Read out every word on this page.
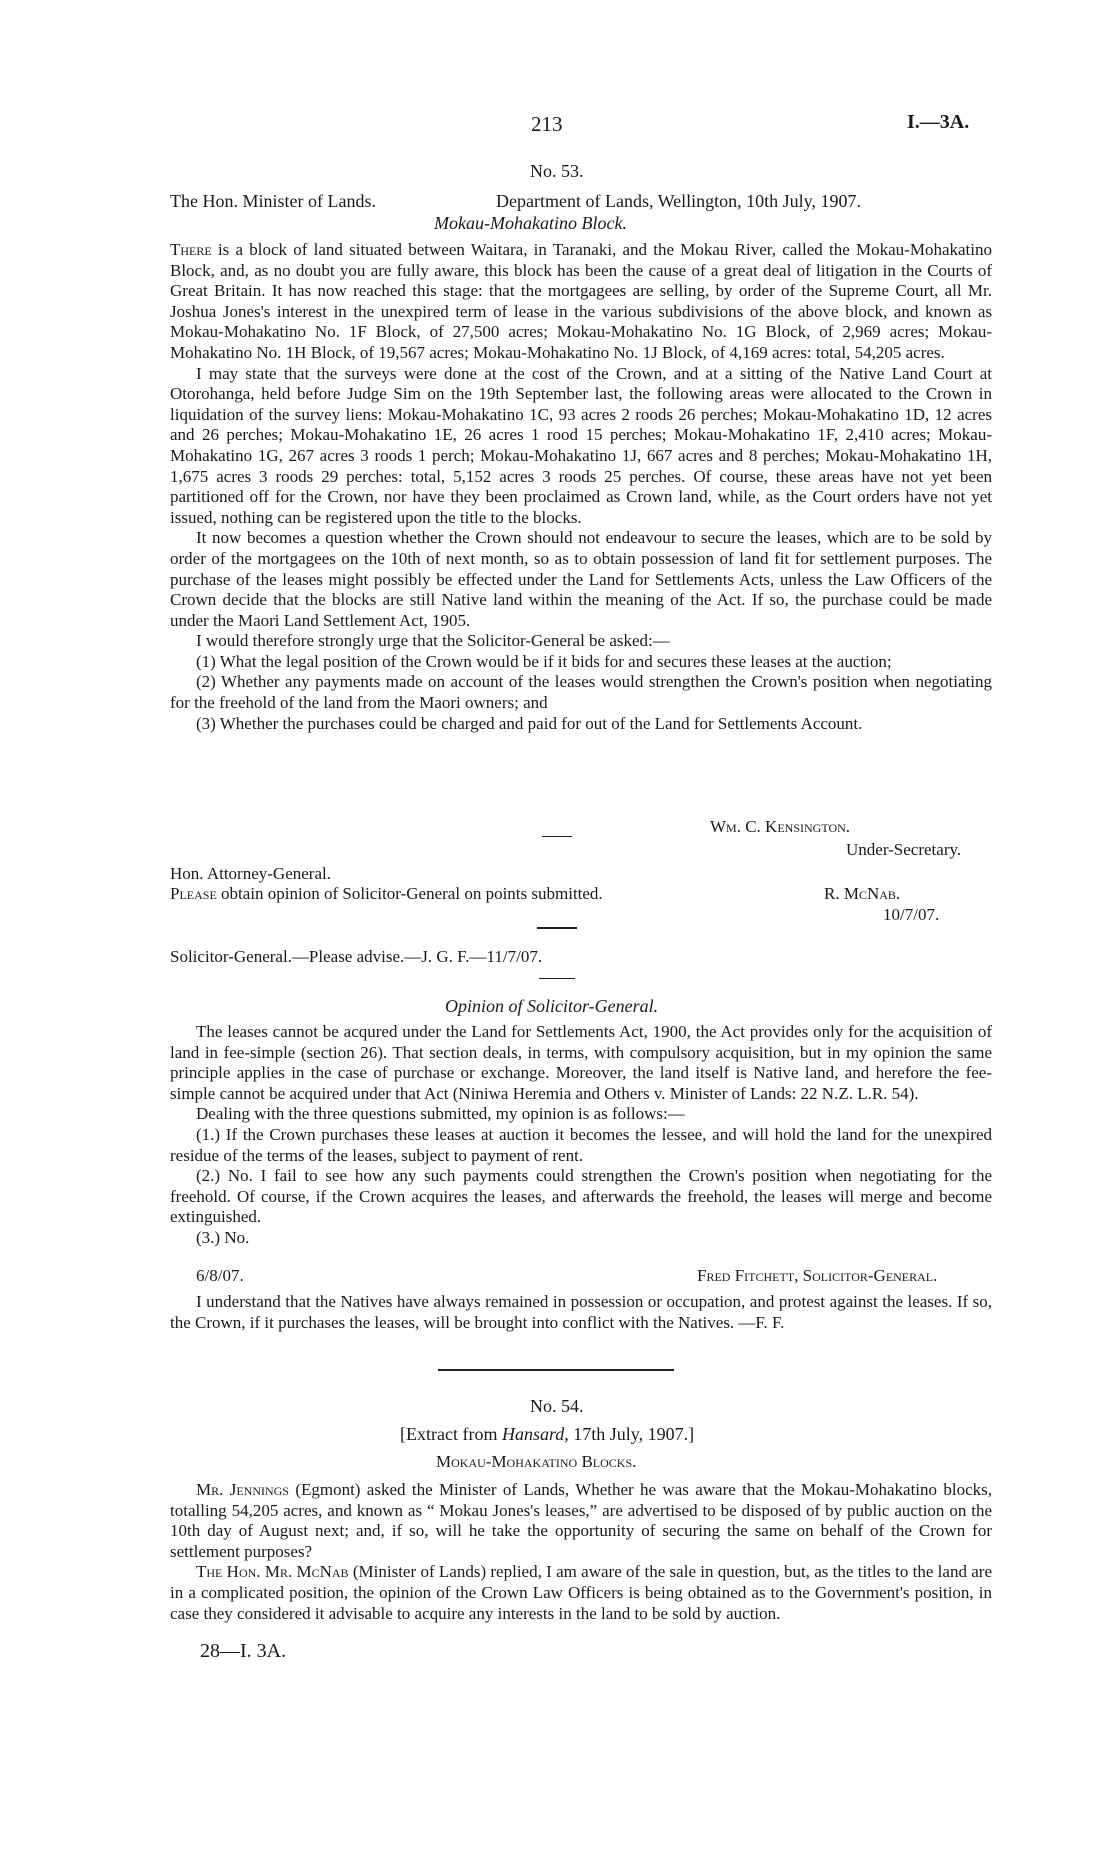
213	I.—3A.
No. 53.
The Hon. Minister of Lands.	Department of Lands, Wellington, 10th July, 1907.
Mokau-Mohakatino Block.

There is a block of land situated between Waitara, in Taranaki, and the Mokau River, called the Mokau-Mohakatino Block, and, as no doubt you are fully aware, this block has been the cause of a great deal of litigation in the Courts of Great Britain. It has now reached this stage: that the mortgagees are selling, by order of the Supreme Court, all Mr. Joshua Jones's interest in the unexpired term of lease in the various subdivisions of the above block, and known as Mokau-Mohakatino No. 1F Block, of 27,500 acres; Mokau-Mohakatino No. 1G Block, of 2,969 acres; Mokau-Mohakatino No. 1H Block, of 19,567 acres; Mokau-Mohakatino No. 1J Block, of 4,169 acres: total, 54,205 acres.

I may state that the surveys were done at the cost of the Crown, and at a sitting of the Native Land Court at Otorohanga, held before Judge Sim on the 19th September last, the following areas were allocated to the Crown in liquidation of the survey liens: Mokau-Mohakatino 1C, 93 acres 2 roods 26 perches; Mokau-Mohakatino 1D, 12 acres and 26 perches; Mokau-Mohakatino 1E, 26 acres 1 rood 15 perches; Mokau-Mohakatino 1F, 2,410 acres; Mokau-Mohakatino 1G, 267 acres 3 roods 1 perch; Mokau-Mohakatino 1J, 667 acres and 8 perches; Mokau-Mohakatino 1H, 1,675 acres 3 roods 29 perches: total, 5,152 acres 3 roods 25 perches. Of course, these areas have not yet been partitioned off for the Crown, nor have they been proclaimed as Crown land, while, as the Court orders have not yet issued, nothing can be registered upon the title to the blocks.

It now becomes a question whether the Crown should not endeavour to secure the leases, which are to be sold by order of the mortgagees on the 10th of next month, so as to obtain possession of land fit for settlement purposes. The purchase of the leases might possibly be effected under the Land for Settlements Acts, unless the Law Officers of the Crown decide that the blocks are still Native land within the meaning of the Act. If so, the purchase could be made under the Maori Land Settlement Act, 1905.

I would therefore strongly urge that the Solicitor-General be asked:—

(1) What the legal position of the Crown would be if it bids for and secures these leases at the auction;

(2) Whether any payments made on account of the leases would strengthen the Crown's position when negotiating for the freehold of the land from the Maori owners; and

(3) Whether the purchases could be charged and paid for out of the Land for Settlements Account.

Wm. C. Kensington.
Under-Secretary.
Hon. Attorney-General.
Please obtain opinion of Solicitor-General on points submitted.	R. McNab.
10/7/07.
Solicitor-General.—Please advise.—J. G. F.—11/7/07.
Opinion of Solicitor-General.

The leases cannot be acqured under the Land for Settlements Act, 1900, the Act provides only for the acquisition of land in fee-simple (section 26). That section deals, in terms, with compulsory acquisition, but in my opinion the same principle applies in the case of purchase or exchange. Moreover, the land itself is Native land, and herefore the fee-simple cannot be acquired under that Act (Niniwa Heremia and Others v. Minister of Lands: 22 N.Z. L.R. 54).

Dealing with the three questions submitted, my opinion is as follows:—

(1.) If the Crown purchases these leases at auction it becomes the lessee, and will hold the land for the unexpired residue of the terms of the leases, subject to payment of rent.

(2.) No. I fail to see how any such payments could strengthen the Crown's position when negotiating for the freehold. Of course, if the Crown acquires the leases, and afterwards the freehold, the leases will merge and become extinguished.

(3.) No.

6/8/07.	Fred Fitchett, Solicitor-General.

I understand that the Natives have always remained in possession or occupation, and protest against the leases. If so, the Crown, if it purchases the leases, will be brought into conflict with the Natives. —F. F.

No. 54.
[Extract from Hansard, 17th July, 1907.]
Mokau-Mohakatino Blocks.

Mr. Jennings (Egmont) asked the Minister of Lands, Whether he was aware that the Mokau-Mohakatino blocks, totalling 54,205 acres, and known as “ Mokau Jones's leases,” are advertised to be disposed of by public auction on the 10th day of August next; and, if so, will he take the opportunity of securing the same on behalf of the Crown for settlement purposes?

The Hon. Mr. McNab (Minister of Lands) replied, I am aware of the sale in question, but, as the titles to the land are in a complicated position, the opinion of the Crown Law Officers is being obtained as to the Government's position, in case they considered it advisable to acquire any interests in the land to be sold by auction.

28—I. 3A.
